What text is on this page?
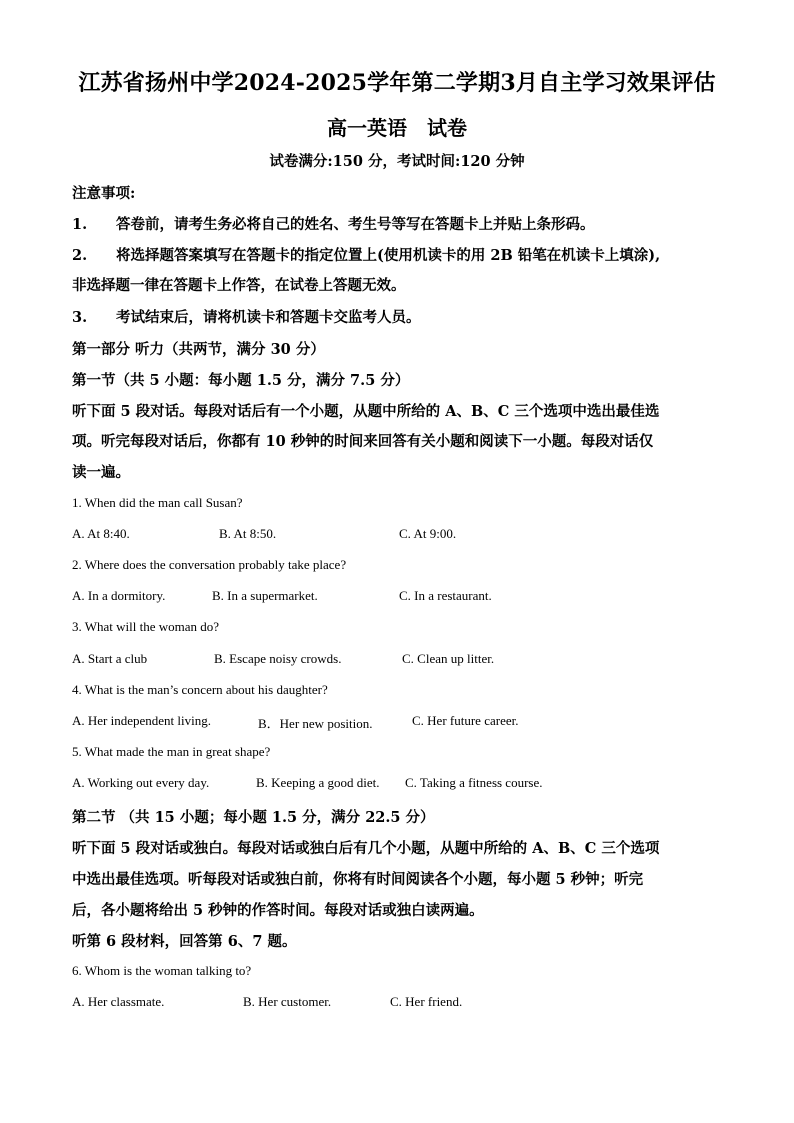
江苏省扬州中学2024-2025学年第二学期3月自主学习效果评估
高一英语　试卷
试卷满分:150 分，考试时间:120 分钟
注意事项:
1. 答卷前，请考生务必将自己的姓名、考生号等写在答题卡上并贴上条形码。
2. 将选择题答案填写在答题卡的指定位置上(使用机读卡的用 2B 铅笔在机读卡上填涂),
非选择题一律在答题卡上作答，在试卷上答题无效。
3. 考试结束后，请将机读卡和答题卡交监考人员。
第一部分 听力（共两节，满分 30 分）
第一节（共 5 小题：每小题 1.5 分，满分 7.5 分）
听下面 5 段对话。每段对话后有一个小题，从题中所给的 A、B、C 三个选项中选出最佳选
项。听完每段对话后，你都有 10 秒钟的时间来回答有关小题和阅读下一小题。每段对话仅
读一遍。
1. When did the man call Susan?
A. At 8:40.	B. At 8:50.	C. At 9:00.
2. Where does the conversation probably take place?
A. In a dormitory.	B. In a supermarket.	C. In a restaurant.
3. What will the woman do?
A. Start a club	B. Escape noisy crowds.	C. Clean up litter.
4. What is the man’s concern about his daughter?
A. Her independent living.	B．Her new position.	C. Her future career.
5. What made the man in great shape?
A. Working out every day.	B. Keeping a good diet. C. Taking a fitness course.
第二节 （共 15 小题；每小题 1.5 分，满分 22.5 分）
听下面 5 段对话或独白。每段对话或独白后有几个小题，从题中所给的 A、B、C 三个选项
中选出最佳选项。听每段对话或独白前，你将有时间阅读各个小题，每小题 5 秒钟；听完
后，各小题将给出 5 秒钟的作答时间。每段对话或独白读两遍。
听第 6 段材料，回答第 6、7 题。
6. Whom is the woman talking to?
A. Her classmate.	B. Her customer.	C. Her friend.
